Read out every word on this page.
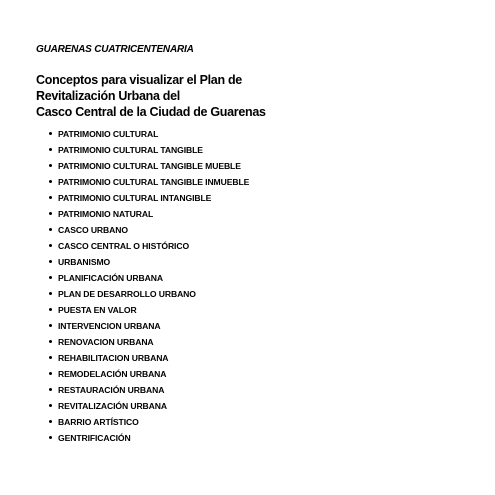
GUARENAS CUATRICENTENARIA
Conceptos para visualizar el Plan de
Revitalización Urbana del
Casco Central de la Ciudad de Guarenas
PATRIMONIO CULTURAL
PATRIMONIO CULTURAL TANGIBLE
PATRIMONIO CULTURAL TANGIBLE MUEBLE
PATRIMONIO CULTURAL TANGIBLE INMUEBLE
PATRIMONIO CULTURAL INTANGIBLE
PATRIMONIO NATURAL
CASCO URBANO
CASCO CENTRAL O HISTÓRICO
URBANISMO
PLANIFICACIÓN URBANA
PLAN DE DESARROLLO URBANO
PUESTA EN VALOR
INTERVENCION URBANA
RENOVACION URBANA
REHABILITACION URBANA
REMODELACIÓN URBANA
RESTAURACIÓN URBANA
REVITALIZACIÓN URBANA
BARRIO ARTÍSTICO
GENTRIFICACIÓN
